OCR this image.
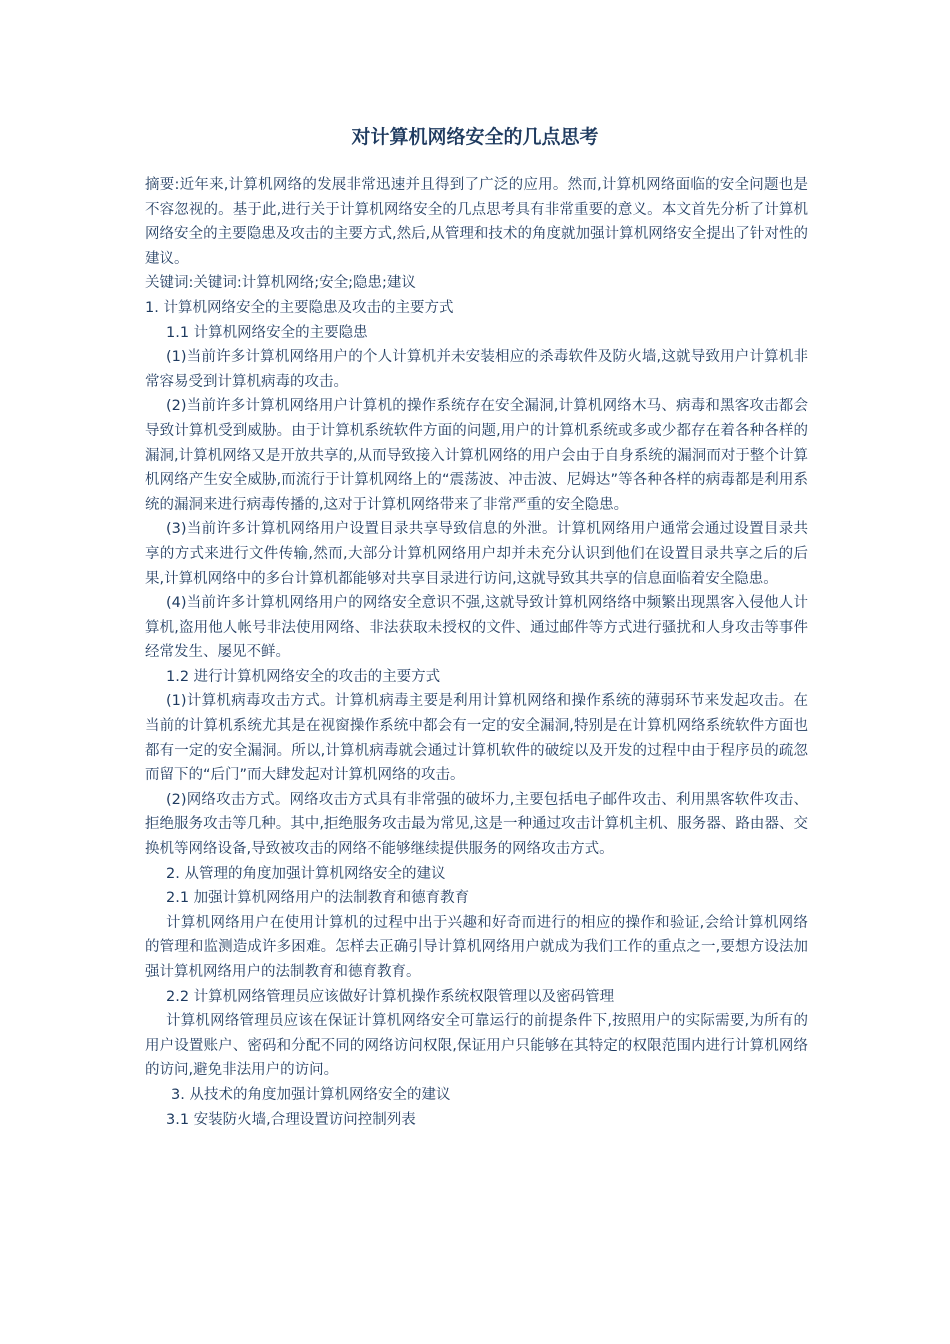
对计算机网络安全的几点思考

摘要:近年来,计算机网络的发展非常迅速并且得到了广泛的应用。然而,计算机网络面临的安全问题也是不容忽视的。基于此,进行关于计算机网络安全的几点思考具有非常重要的意义。本文首先分析了计算机网络安全的主要隐患及攻击的主要方式,然后,从管理和技术的角度就加强计算机网络安全提出了针对性的建议。

关键词:关键词:计算机网络;安全;隐患;建议

1. 计算机网络安全的主要隐患及攻击的主要方式

1.1 计算机网络安全的主要隐患

(1)当前许多计算机网络用户的个人计算机并未安装相应的杀毒软件及防火墙,这就导致用户计算机非常容易受到计算机病毒的攻击。

(2)当前许多计算机网络用户计算机的操作系统存在安全漏洞,计算机网络木马、病毒和黑客攻击都会导致计算机受到威胁。由于计算机系统软件方面的问题,用户的计算机系统或多或少都存在着各种各样的漏洞,计算机网络又是开放共享的,从而导致接入计算机网络的用户会由于自身系统的漏洞而对于整个计算机网络产生安全威胁,而流行于计算机网络上的“震荡波、冲击波、尼姆达”等各种各样的病毒都是利用系统的漏洞来进行病毒传播的,这对于计算机网络带来了非常严重的安全隐患。

(3)当前许多计算机网络用户设置目录共享导致信息的外泄。计算机网络用户通常会通过设置目录共享的方式来进行文件传输,然而,大部分计算机网络用户却并未充分认识到他们在设置目录共享之后的后果,计算机网络中的多台计算机都能够对共享目录进行访问,这就导致其共享的信息面临着安全隐患。

(4)当前许多计算机网络用户的网络安全意识不强,这就导致计算机网络络中频繁出现黑客入侵他人计算机,盗用他人帐号非法使用网络、非法获取未授权的文件、通过邮件等方式进行骚扰和人身攻击等事件经常发生、屡见不鲜。

1.2 进行计算机网络安全的攻击的主要方式

(1)计算机病毒攻击方式。计算机病毒主要是利用计算机网络和操作系统的薄弱环节来发起攻击。在当前的计算机系统尤其是在视窗操作系统中都会有一定的安全漏洞,特别是在计算机网络系统软件方面也都有一定的安全漏洞。所以,计算机病毒就会通过计算机软件的破绽以及开发的过程中由于程序员的疏忽而留下的“后门”而大肆发起对计算机网络的攻击。

(2)网络攻击方式。网络攻击方式具有非常强的破坏力,主要包括电子邮件攻击、利用黑客软件攻击、拒绝服务攻击等几种。其中,拒绝服务攻击最为常见,这是一种通过攻击计算机主机、服务器、路由器、交换机等网络设备,导致被攻击的网络不能够继续提供服务的网络攻击方式。

2. 从管理的角度加强计算机网络安全的建议

2.1 加强计算机网络用户的法制教育和德育教育

计算机网络用户在使用计算机的过程中出于兴趣和好奇而进行的相应的操作和验证,会给计算机网络的管理和监测造成许多困难。怎样去正确引导计算机网络用户就成为我们工作的重点之一,要想方设法加强计算机网络用户的法制教育和德育教育。

2.2 计算机网络管理员应该做好计算机操作系统权限管理以及密码管理

计算机网络管理员应该在保证计算机网络安全可靠运行的前提条件下,按照用户的实际需要,为所有的用户设置账户、密码和分配不同的网络访问权限,保证用户只能够在其特定的权限范围内进行计算机网络的访问,避免非法用户的访问。

3. 从技术的角度加强计算机网络安全的建议

3.1 安装防火墙,合理设置访问控制列表
